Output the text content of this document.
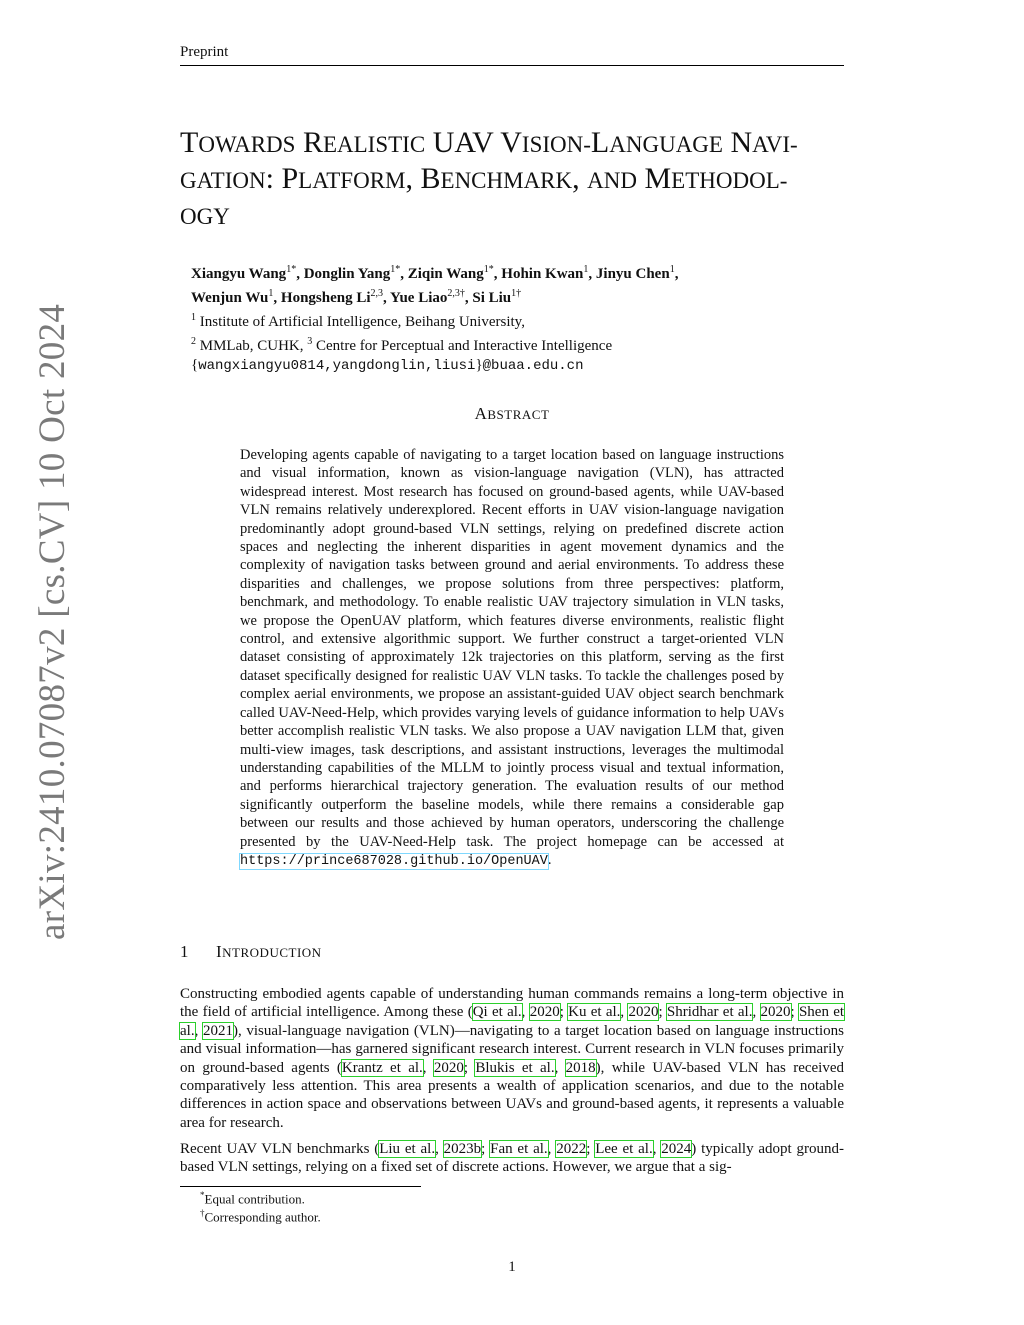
Preprint
arXiv:2410.07087v2 [cs.CV] 10 Oct 2024
TOWARDS REALISTIC UAV VISION-LANGUAGE NAVI-
GATION: PLATFORM, BENCHMARK, AND METHODOL-
OGY
Xiangyu Wang$^{1*}$, Donglin Yang$^{1*}$, Ziqin Wang$^{1*}$, Hohin Kwan$^1$, Jinyu Chen$^1$,
Wenjun Wu$^1$, Hongsheng Li$^{2,3}$, Yue Liao$^{2,3\dagger}$, Si Liu$^{1\dagger}$
$^1$ Institute of Artificial Intelligence, Beihang University,
$^2$ MMLab, CUHK, $^3$ Centre for Perceptual and Interactive Intelligence
{wangxiangyu0814,yangdonglin,liusi}@buaa.edu.cn
ABSTRACT
Developing agents capable of navigating to a target location based on language instructions and visual information, known as vision-language navigation (VLN), has attracted widespread interest. Most research has focused on ground-based agents, while UAV-based VLN remains relatively underexplored. Recent efforts in UAV vision-language navigation predominantly adopt ground-based VLN settings, relying on predefined discrete action spaces and neglecting the inherent disparities in agent movement dynamics and the complexity of navigation tasks between ground and aerial environments. To address these disparities and challenges, we propose solutions from three perspectives: platform, benchmark, and methodology. To enable realistic UAV trajectory simulation in VLN tasks, we propose the OpenUAV platform, which features diverse environments, realistic flight control, and extensive algorithmic support. We further construct a target-oriented VLN dataset consisting of approximately 12k trajectories on this platform, serving as the first dataset specifically designed for realistic UAV VLN tasks. To tackle the challenges posed by complex aerial environments, we propose an assistant-guided UAV object search benchmark called UAV-Need-Help, which provides varying levels of guidance information to help UAVs better accomplish realistic VLN tasks. We also propose a UAV navigation LLM that, given multi-view images, task descriptions, and assistant instructions, leverages the multimodal understanding capabilities of the MLLM to jointly process visual and textual information, and performs hierarchical trajectory generation. The evaluation results of our method significantly outperform the baseline models, while there remains a considerable gap between our results and those achieved by human operators, underscoring the challenge presented by the UAV-Need-Help task. The project homepage can be accessed at https://prince687028.github.io/OpenUAV.
1 INTRODUCTION
Constructing embodied agents capable of understanding human commands remains a long-term objective in the field of artificial intelligence. Among these (Qi et al., 2020; Ku et al., 2020; Shridhar et al., 2020; Shen et al., 2021), visual-language navigation (VLN)—navigating to a target location based on language instructions and visual information—has garnered significant research interest. Current research in VLN focuses primarily on ground-based agents (Krantz et al., 2020; Blukis et al., 2018), while UAV-based VLN has received comparatively less attention. This area presents a wealth of application scenarios, and due to the notable differences in action space and observations between UAVs and ground-based agents, it represents a valuable area for research.
Recent UAV VLN benchmarks (Liu et al., 2023b; Fan et al., 2022; Lee et al., 2024) typically adopt ground-based VLN settings, relying on a fixed set of discrete actions. However, we argue that a sig-
*Equal contribution.
†Corresponding author.
1
